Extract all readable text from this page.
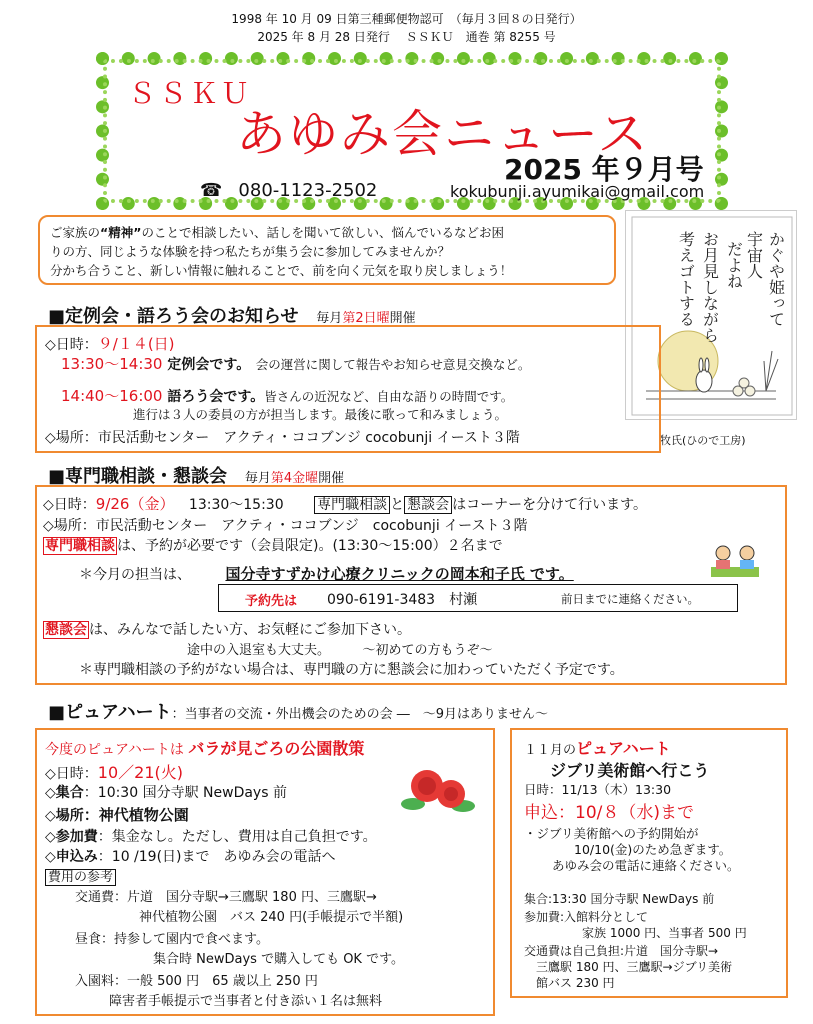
1998 年 10 月 09 日第三種郵便物認可　（毎月３回８の日発行）
2025 年 8 月 28 日発行　 ＳＳＫＵ　通巻 第 8255 号
ＳＳＫＵ
あゆみ会ニュース
2025 年９月号
☎ 080-1123-2502	kokubunji.ayumikai@gmail.com
ご家族の“精神”のことで相談したい、話しを聞いて欲しい、悩んでいるなどお困
りの方、同じような体験を持つ私たちが集う会に参加してみませんか？
分かち合うこと、新しい情報に触れることで、前を向く元気を取り戻しましょう！	かぐや姫って
宇宙人
だよね
お月見しながら
考えゴトする
牧氏(ひので工房)
■定例会・語ろう会のお知らせ 毎月第2日曜開催
◇日時：９/１４(日)
13:30～14:30 定例会です。　会の運営に関して報告やお知らせ意見交換など。
14:40～16:00 語ろう会です。皆さんの近況など、自由な語りの時間です。
進行は３人の委員の方が担当します。最後に歌って和みましょう。
◇場所：市民活動センター　アクティ・ココブンジ cocobunji イースト３階
■専門職相談・懇談会 毎月第4金曜開催
◇日時：9/26（金） 13:30～15:30 専門職相談 と 懇談会 はコーナーを分けて行います。
◇場所：市民活動センター　アクティ・ココブンジ　cocobunji イースト３階
専門職相談 は、予約が必要です（会員限定)。(13:30～15:00）２名まで
＊今月の担当は、 国分寺すずかけ心療クリニックの岡本和子氏 です。
懇談会 は、みんなで話したい方、お気軽にご参加下さい。
途中の入退室も大丈夫。　　　～初めての方もうぞ～
＊専門職相談の予約がない場合は、専門職の方に懇談会に加わっていただく予定です。
予約先は 090-6191-3483　村瀬	前日までに連絡ください。
■ピュアハート：当事者の交流・外出機会のための会 ―　～9月はありません～
今度のピュアハートは バラが見ごろの公園散策
◇日時：10／21(火)
◇集合：10:30 国分寺駅 NewDays 前
◇場所：神代植物公園
◇参加費：集金なし。ただし、費用は自己負担です。
◇申込み：10 /19(日)まで　あゆみ会の電話へ
費用の参考
交通費：片道　国分寺駅→三鷹駅 180 円、三鷹駅→
神代植物公園　バス 240 円(手帳提示で半額)
昼食：持参して園内で食べます。
集合時 NewDays で購入しても OK です。
入園料：一般 500 円　65 歳以上 250 円
障害者手帳提示で当事者と付き添い１名は無料
１１月のピュアハート
ジブリ美術館へ行こう
日時：11/13（木）13:30
申込：10/８（水)まで
・ジブリ美術館への予約開始が
10/10(金)のため急ぎます。
あゆみ会の電話に連絡ください。
集合:13:30 国分寺駅 NewDays 前
参加費:入館料分として
家族 1000 円、当事者 500 円
交通費は自己負担:片道　国分寺駅→
三鷹駅 180 円、三鷹駅→ジブリ美術
館バス 230 円
